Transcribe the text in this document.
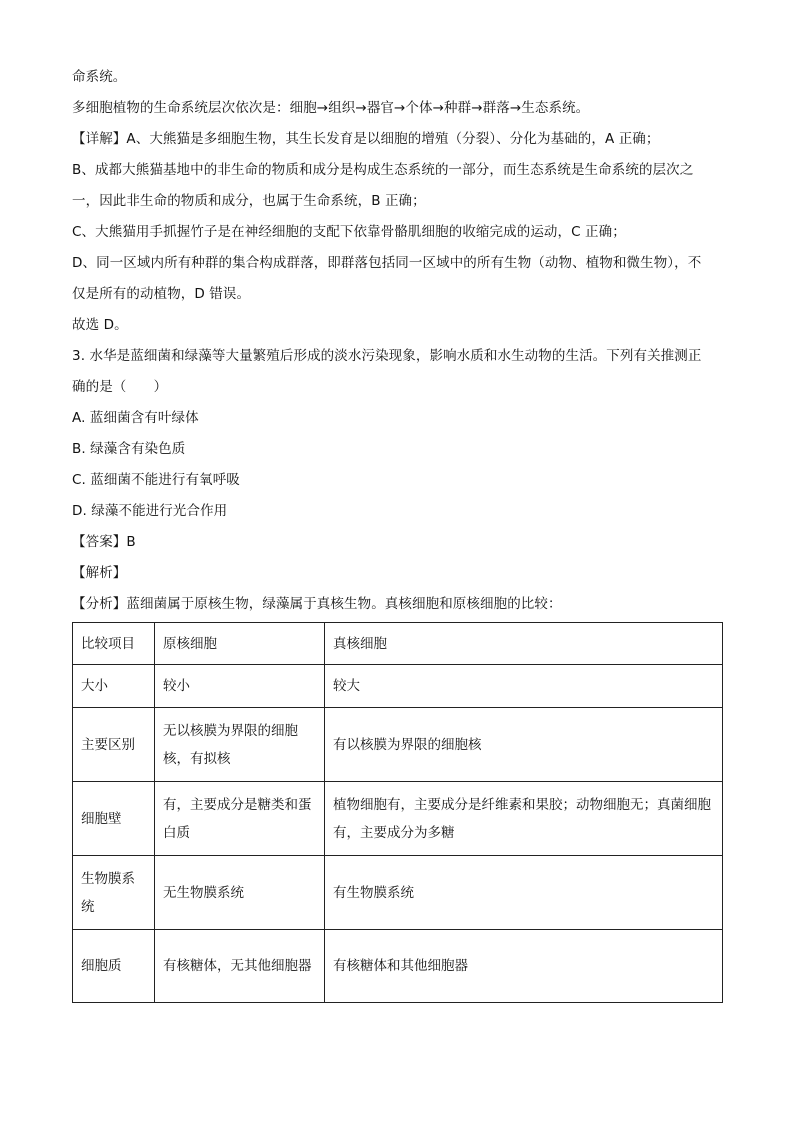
命系统。
多细胞植物的生命系统层次依次是：细胞→组织→器官→个体→种群→群落→生态系统。
【详解】A、大熊猫是多细胞生物，其生长发育是以细胞的增殖（分裂）、分化为基础的，A 正确；
B、成都大熊猫基地中的非生命的物质和成分是构成生态系统的一部分，而生态系统是生命系统的层次之
一，因此非生命的物质和成分，也属于生命系统，B 正确；
C、大熊猫用手抓握竹子是在神经细胞的支配下依靠骨骼肌细胞的收缩完成的运动，C 正确；
D、同一区域内所有种群的集合构成群落，即群落包括同一区域中的所有生物（动物、植物和微生物），不
仅是所有的动植物，D 错误。
故选 D。
3. 水华是蓝细菌和绿藻等大量繁殖后形成的淡水污染现象，影响水质和水生动物的生活。下列有关推测正
确的是（　　）
A. 蓝细菌含有叶绿体
B. 绿藻含有染色质
C. 蓝细菌不能进行有氧呼吸
D. 绿藻不能进行光合作用
【答案】B
【解析】
【分析】蓝细菌属于原核生物，绿藻属于真核生物。真核细胞和原核细胞的比较：
比较项目	原核细胞	真核细胞
大小	较小	较大
主要区别	无以核膜为界限的细胞核，有拟核	有以核膜为界限的细胞核
细胞壁	有，主要成分是糖类和蛋白质	植物细胞有，主要成分是纤维素和果胶；动物细胞无；真菌细胞有，主要成分为多糖
生物膜系统	无生物膜系统	有生物膜系统
细胞质	有核糖体，无其他细胞器	有核糖体和其他细胞器
